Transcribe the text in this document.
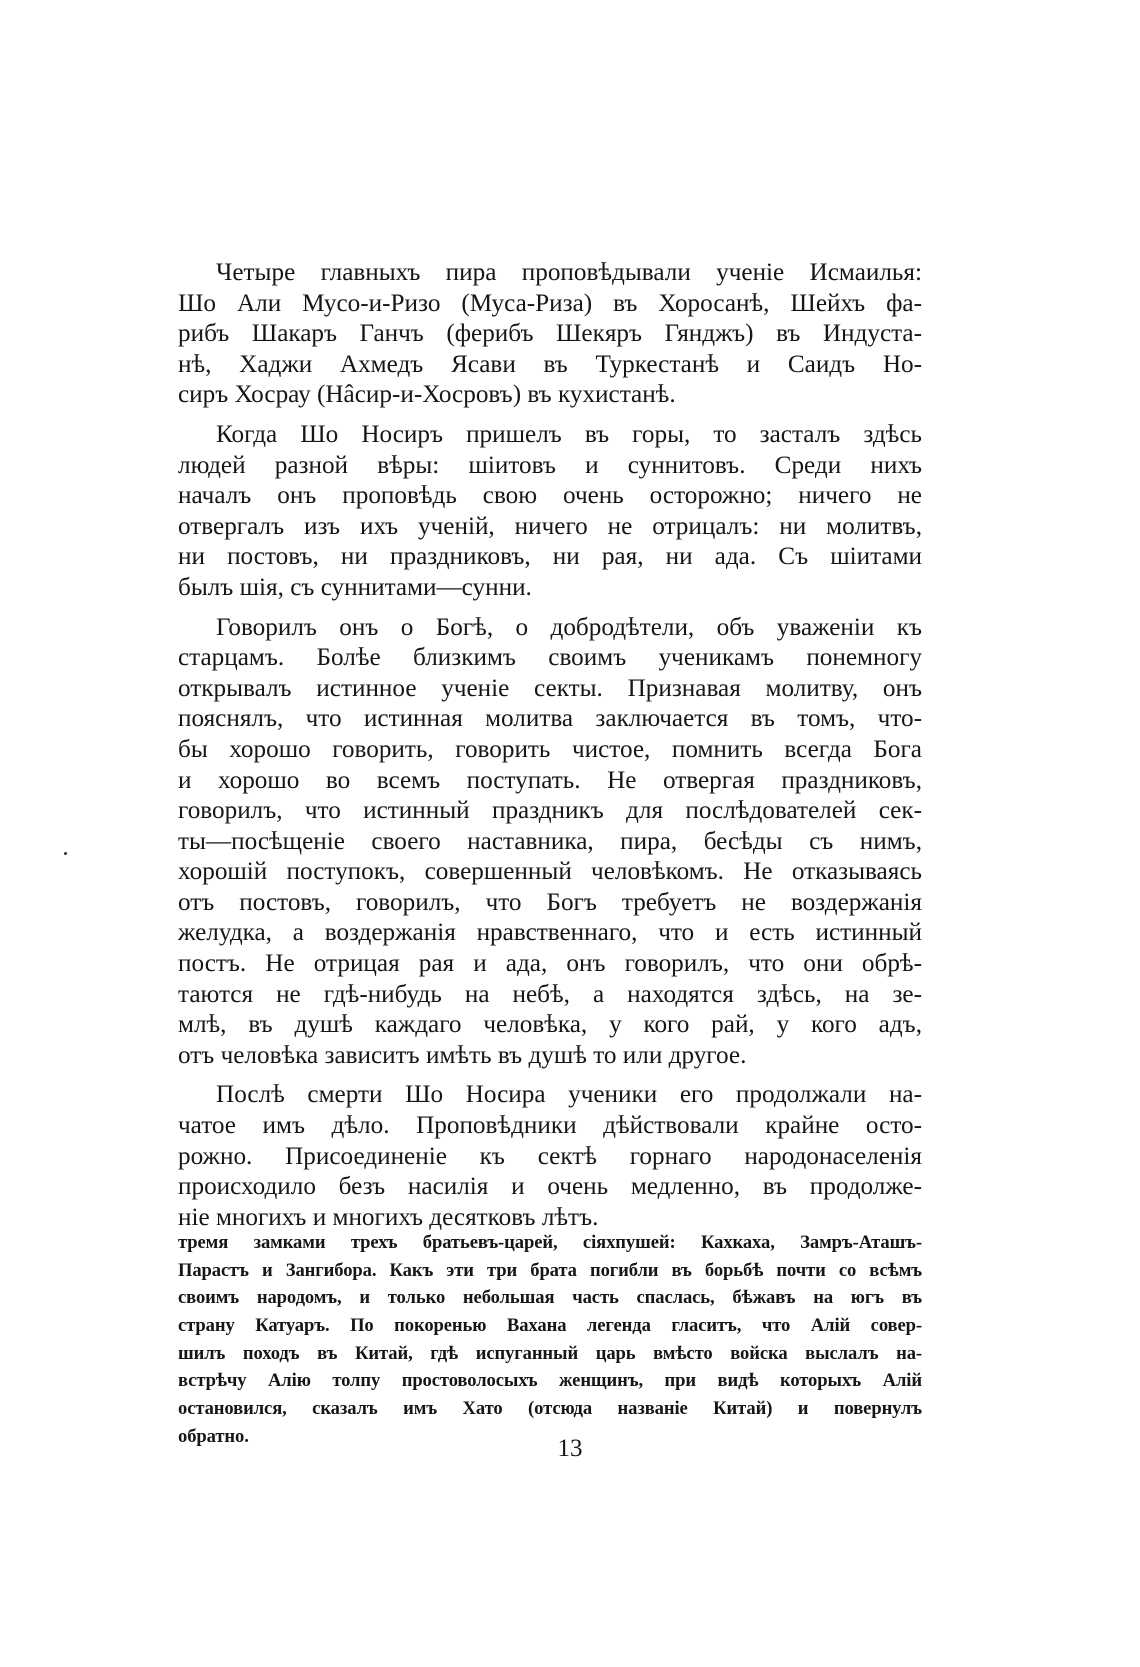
Четыре главныхъ пира проповѣдывали ученіе Исмаилья:
Шо Али Мусо-и-Ризо (Муса-Риза) въ Хоросанѣ, Шейхъ фа-
рибъ Шакаръ Ганчъ (ферибъ Шекяръ Гянджъ) въ Индуста-
нѣ, Хаджи Ахмедъ Ясави въ Туркестанѣ и Саидъ Но-
сиръ Хосрау (Нâсир-и-Хосровъ) въ кухистанѣ.
Когда Шо Носиръ пришелъ въ горы, то засталъ здѣсь
людей разной вѣры: шіитовъ и суннитовъ. Среди нихъ
началъ онъ проповѣдь свою очень осторожно; ничего не
отвергалъ изъ ихъ ученій, ничего не отрицалъ: ни молитвъ,
ни постовъ, ни праздниковъ, ни рая, ни ада. Съ шіитами
былъ шія, съ суннитами—сунни.
Говорилъ онъ о Богѣ, о добродѣтели, объ уваженіи къ
старцамъ. Болѣе близкимъ своимъ ученикамъ понемногу
открывалъ истинное ученіе секты. Признавая молитву, онъ
пояснялъ, что истинная молитва заключается въ томъ, что-
бы хорошо говорить, говорить чистое, помнить всегда Бога
и хорошо во всемъ поступать. Не отвергая праздниковъ,
говорилъ, что истинный праздникъ для послѣдователей сек-
ты—посѣщеніе своего наставника, пира, бесѣды съ нимъ,
хорошій поступокъ, совершенный человѣкомъ. Не отказываясь
отъ постовъ, говорилъ, что Богъ требуетъ не воздержанія
желудка, а воздержанія нравственнаго, что и есть истинный
постъ. Не отрицая рая и ада, онъ говорилъ, что они обрѣ-
таются не гдѣ-нибудь на небѣ, а находятся здѣсь, на зе-
млѣ, въ душѣ каждаго человѣка, у кого рай, у кого адъ,
отъ человѣка зависитъ имѣть въ душѣ то или другое.
Послѣ смерти Шо Носира ученики его продолжали на-
чатое имъ дѣло. Проповѣдники дѣйствовали крайне осто-
рожно. Присоединеніе къ сектѣ горнаго народонаселенія
происходило безъ насилія и очень медленно, въ продолже-
ніе многихъ и многихъ десятковъ лѣтъ.
тремя замками трехъ братьевъ-царей, сіяхпушей: Кахкаха, Замръ-Аташъ-
Парастъ и Зангибора. Какъ эти три брата погибли въ борьбѣ почти со всѣмъ
своимъ народомъ, и только небольшая часть спаслась, бѣжавъ на югъ въ
страну Катуаръ. По покоренью Вахана легенда гласитъ, что Алій совер-
шилъ походъ въ Китай, гдѣ испуганный царь вмѣсто войска выслалъ на-
встрѣчу Алію толпу простоволосыхъ женщинъ, при видѣ которыхъ Алій
остановился, сказалъ имъ Хато (отсюда названіе Китай) и повернулъ
обратно.	13
